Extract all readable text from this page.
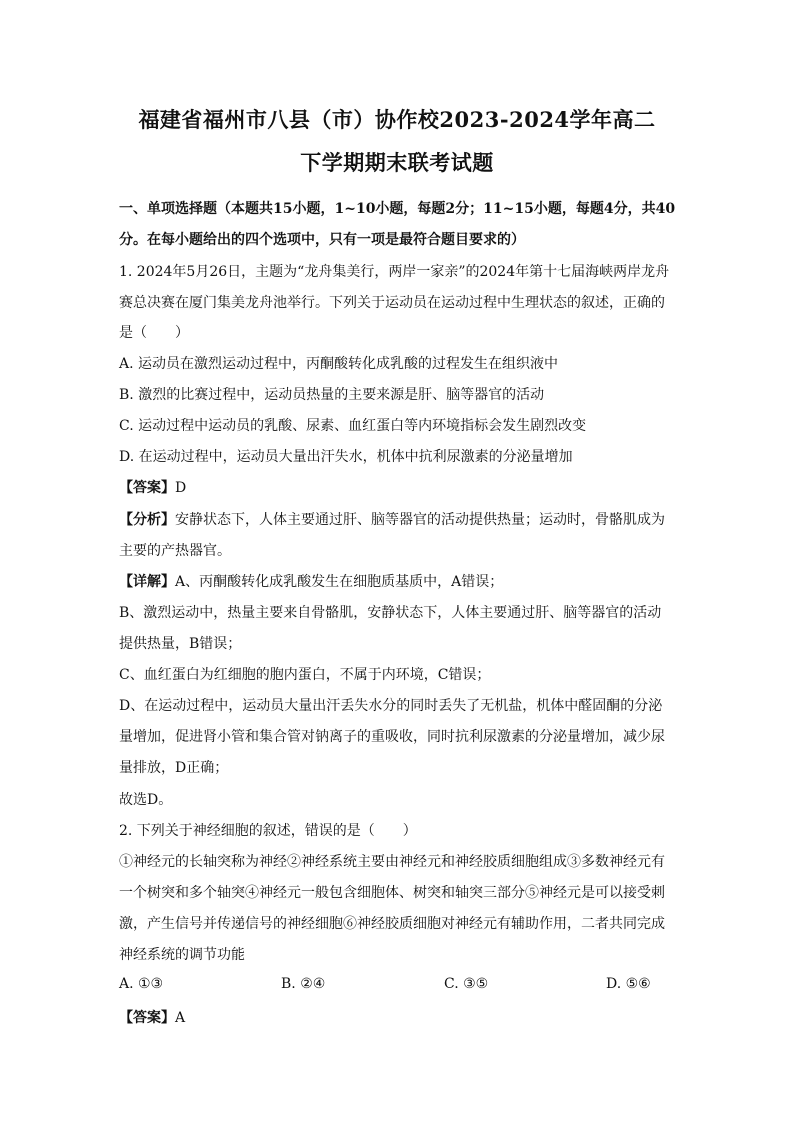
福建省福州市八县（市）协作校2023-2024学年高二
下学期期末联考试题
一、单项选择题（本题共15小题，1~10小题，每题2分；11~15小题，每题4分，共40
分。在每小题给出的四个选项中，只有一项是最符合题目要求的）
1. 2024年5月26日，主题为“龙舟集美行，两岸一家亲”的2024年第十七届海峡两岸龙舟
赛总决赛在厦门集美龙舟池举行。下列关于运动员在运动过程中生理状态的叙述，正确的
是（　　）
A. 运动员在激烈运动过程中，丙酮酸转化成乳酸的过程发生在组织液中
B. 激烈的比赛过程中，运动员热量的主要来源是肝、脑等器官的活动
C. 运动过程中运动员的乳酸、尿素、血红蛋白等内环境指标会发生剧烈改变
D. 在运动过程中，运动员大量出汗失水，机体中抗利尿激素的分泌量增加
【答案】D
【分析】安静状态下，人体主要通过肝、脑等器官的活动提供热量；运动时，骨骼肌成为
主要的产热器官。
【详解】A、丙酮酸转化成乳酸发生在细胞质基质中，A错误；
B、激烈运动中，热量主要来自骨骼肌，安静状态下，人体主要通过肝、脑等器官的活动
提供热量，B错误；
C、血红蛋白为红细胞的胞内蛋白，不属于内环境，C错误；
D、在运动过程中，运动员大量出汗丢失水分的同时丢失了无机盐，机体中醛固酮的分泌
量增加，促进肾小管和集合管对钠离子的重吸收，同时抗利尿激素的分泌量增加，减少尿
量排放，D正确；
故选D。
2. 下列关于神经细胞的叙述，错误的是（　　）
①神经元的长轴突称为神经②神经系统主要由神经元和神经胶质细胞组成③多数神经元有
一个树突和多个轴突④神经元一般包含细胞体、树突和轴突三部分⑤神经元是可以接受刺
激，产生信号并传递信号的神经细胞⑥神经胶质细胞对神经元有辅助作用，二者共同完成
神经系统的调节功能
A. ①③	B. ②④	C. ③⑤	D. ⑤⑥
【答案】A
